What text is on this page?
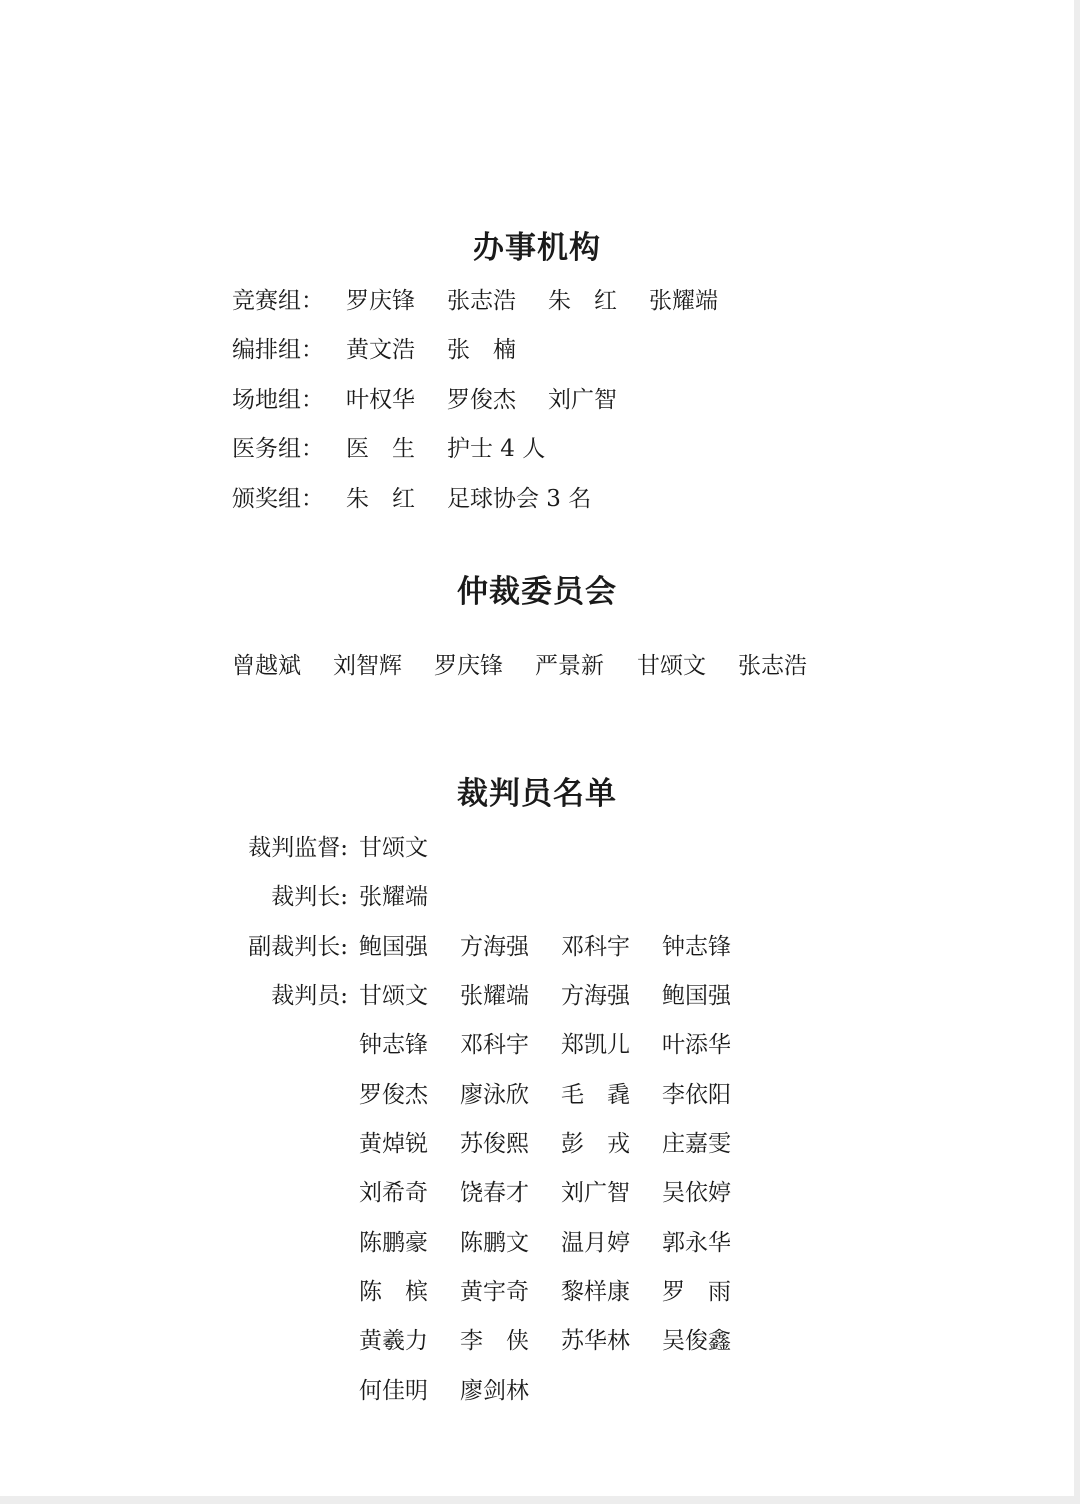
办事机构
竞赛组： 罗庆锋 张志浩 朱　红 张耀端
编排组： 黄文浩 张　楠
场地组： 叶权华 罗俊杰 刘广智
医务组： 医　生 护士 4 人
颁奖组： 朱　红 足球协会 3 名
仲裁委员会
曾越斌 刘智辉 罗庆锋 严景新 甘颂文 张志浩
裁判员名单
裁判监督: 甘颂文
裁判长: 张耀端
副裁判长: 鲍国强 方海强 邓科宇 钟志锋
裁判员: 甘颂文 张耀端 方海强 鲍国强
钟志锋 邓科宇 郑凯儿 叶添华
罗俊杰 廖泳欣 毛　毳 李依阳
黄焯锐 苏俊熙 彭　戎 庄嘉雯
刘希奇 饶春才 刘广智 吴依婷
陈鹏豪 陈鹏文 温月婷 郭永华
陈　槟 黄宇奇 黎样康 罗　雨
黄羲力 李　侠 苏华林 吴俊鑫
何佳明 廖剑林
